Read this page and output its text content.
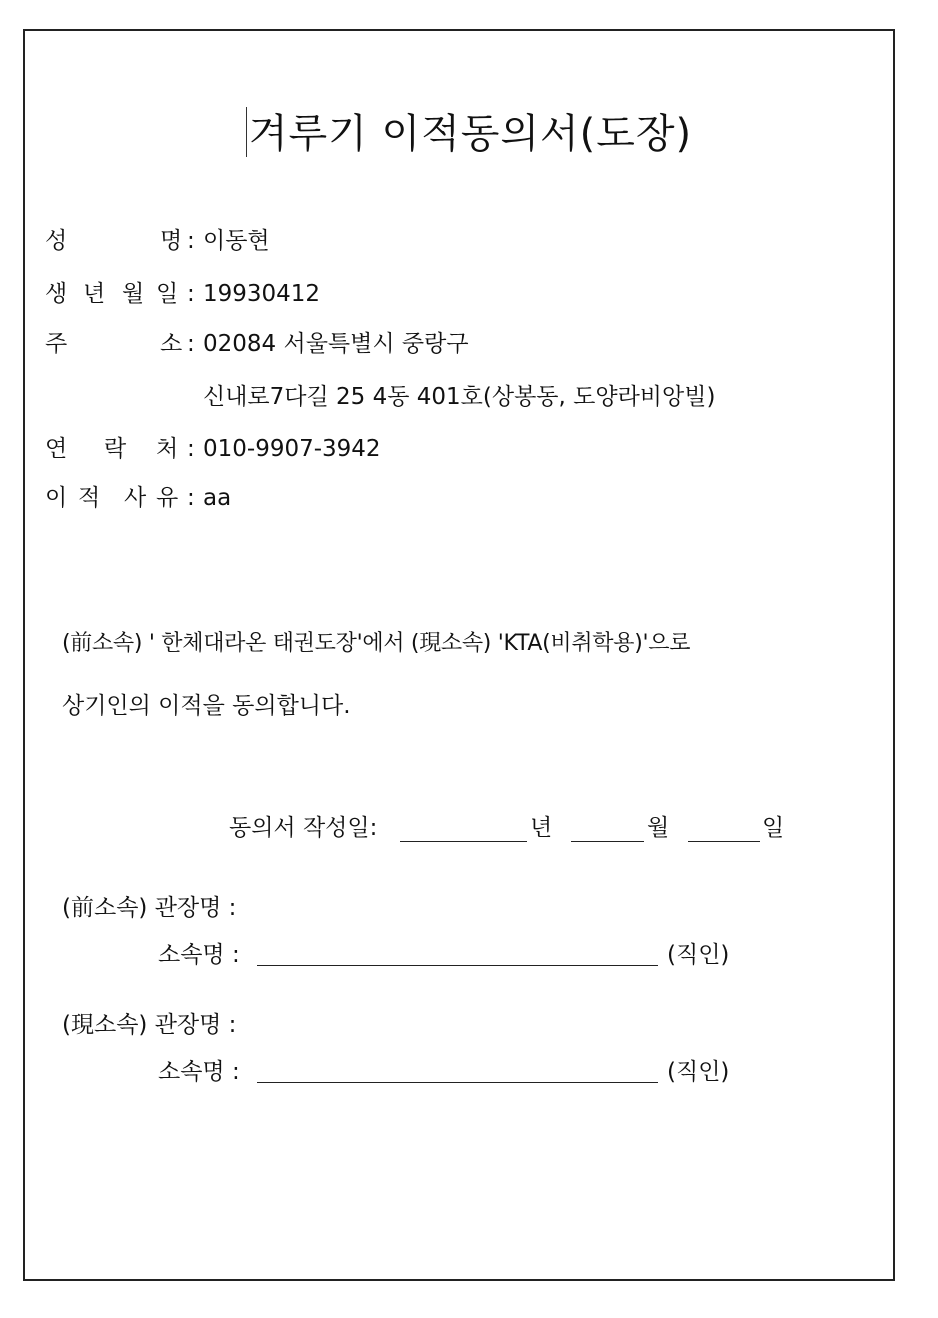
겨루기 이적동의서(도장)
성	명 : 이동현
생 년 월 일 : 19930412
주	소 : 02084 서울특별시 중랑구
신내로7다길 25 4동 401호(상봉동, 도양라비앙빌)
연 락 처 : 010-9907-3942
이 적 사 유 : aa
(前소속) ' 한체대라온 태권도장'에서 (現소속) 'KTA(비취학용)'으로
상기인의 이적을 동의합니다.
동의서 작성일:	년	월	일
(前소속) 관장명 :
소속명 :	(직인)
(現소속) 관장명 :
소속명 :	(직인)
